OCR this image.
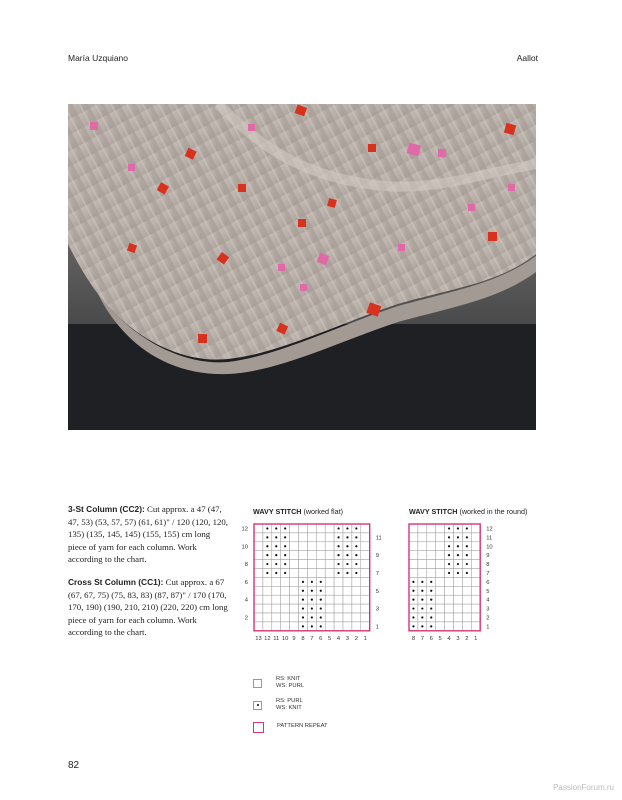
María Uzquiano	Aallot

3-St Column (CC2): Cut approx. a 47 (47, 47, 53) (53, 57, 57) (61, 61)" / 120 (120, 120, 135) (135, 145, 145) (155, 155) cm long piece of yarn for each column. Work according to the chart.

Cross St Column (CC1): Cut approx. a 67 (67, 67, 75) (75, 83, 83) (87, 87)" / 170 (170, 170, 190) (190, 210, 210) (220, 220) cm long piece of yarn for each column. Work according to the chart.

WAVY STITCH (worked flat)
13 12 11 10 9 8 7 6 5 4 3 2 1
12
10
8
6
4
2
11
9
7
5
3
1
WAVY STITCH (worked in the round)
8 7 6 5 4 3 2 1
12
11
10
9
8
7
6
5
4
3
2
1
RS: KNIT
WS: PURL
RS: PURL
WS: KNIT
PATTERN REPEAT
82
PassionForum.ru
